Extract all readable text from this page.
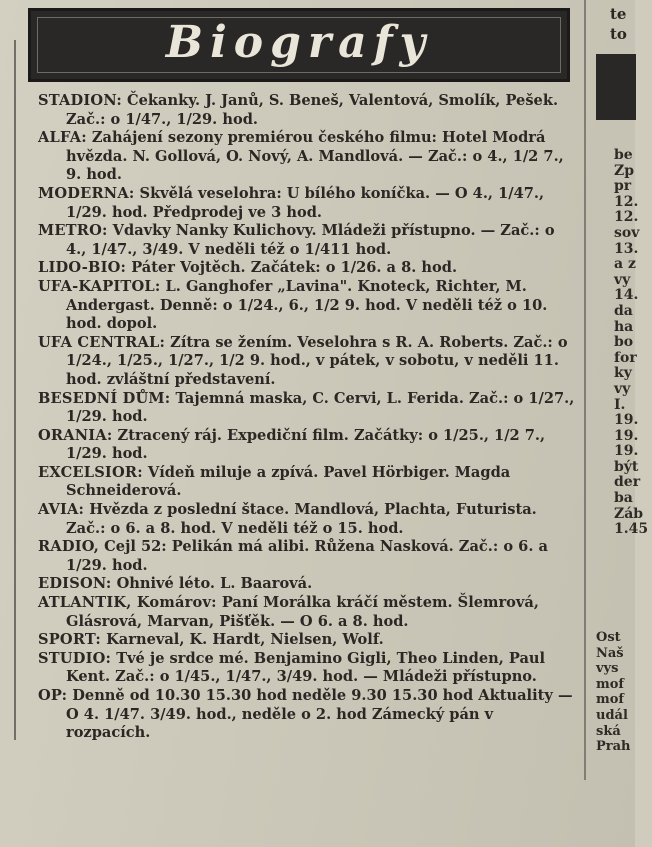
Biografy

STADION: Čekanky. J. Janů, S. Beneš, Valentová, Smolík, Pešek. Zač.: o 1/47., 1/29. hod.

ALFA: Zahájení sezony premiérou českého filmu: Hotel Modrá hvězda. N. Gollová, O. Nový, A. Mandlová. — Zač.: o 4., 1/2 7., 9. hod.

MODERNA: Skvělá veselohra: U bílého koníčka. — O 4., 1/47., 1/29. hod. Předprodej ve 3 hod.

METRO: Vdavky Nanky Kulichovy. Mládeži přístupno. — Zač.: o 4., 1/47., 3/49. V neděli též o 1/411 hod.

LIDO-BIO: Páter Vojtěch. Začátek: o 1/26. a 8. hod.

UFA-KAPITOL: L. Ganghofer „Lavina". Knoteck, Richter, M. Andergast. Denně: o 1/24., 6., 1/2 9. hod. V neděli též o 10. hod. dopol.

UFA CENTRAL: Zítra se žením. Veselohra s R. A. Roberts. Zač.: o 1/24., 1/25., 1/27., 1/2 9. hod., v pátek, v sobotu, v neděli 11. hod. zvláštní představení.

BESEDNÍ DŮM: Tajemná maska, C. Cervi, L. Ferida. Zač.: o 1/27., 1/29. hod.

ORANIA: Ztracený ráj. Expediční film. Začátky: o 1/25., 1/2 7., 1/29. hod.

EXCELSIOR: Vídeň miluje a zpívá. Pavel Hörbiger. Magda Schneiderová.

AVIA: Hvězda z poslední štace. Mandlová, Plachta, Futurista. Zač.: o 6. a 8. hod. V neděli též o 15. hod.

RADIO, Cejl 52: Pelikán má alibi. Růžena Nasková. Zač.: o 6. a 1/29. hod.

EDISON: Ohnivé léto. L. Baarová.

ATLANTIK, Komárov: Paní Morálka kráčí městem. Šlemrová, Glásrová, Marvan, Pišťěk. — O 6. a 8. hod.

SPORT: Karneval, K. Hardt, Nielsen, Wolf.

STUDIO: Tvé je srdce mé. Benjamino Gigli, Theo Linden, Paul Kent. Zač.: o 1/45., 1/47., 3/49. hod. — Mládeži přístupno.

OP: Denně od 10.30 15.30 hod neděle 9.30 15.30 hod Aktuality — O 4. 1/47. 3/49. hod., neděle o 2. hod Zámecký pán v rozpacích.

te
to
be
Zp
pr
12.
12.
sov
13.
a z
vy
14.
da
ha
bo
for
ky
vy
I.
19.
19.
19.
být
der
ba
Záb
1.45
Ost
Naš
vys
mof
mof
udál
ská
Prah
